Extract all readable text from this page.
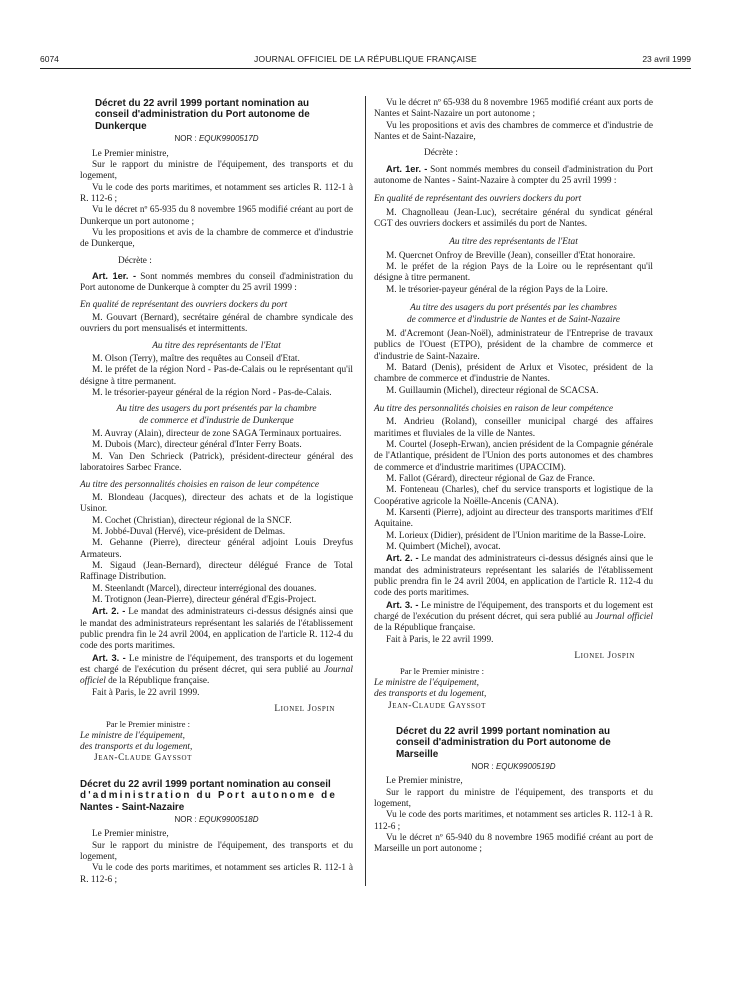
6074	JOURNAL OFFICIEL DE LA RÉPUBLIQUE FRANÇAISE	23 avril 1999

Décret du 22 avril 1999 portant nomination au

conseil d'administration du Port autonome de

Dunkerque

NOR : EQUK9900517D

Le Premier ministre,

Sur le rapport du ministre de l'équipement, des transports et du logement,

Vu le code des ports maritimes, et notamment ses articles R. 112-1 à R. 112-6 ;

Vu le décret nº 65-935 du 8 novembre 1965 modifié créant au port de Dunkerque un port autonome ;

Vu les propositions et avis de la chambre de commerce et d'industrie de Dunkerque,

Décrète :

Art. 1er. - Sont nommés membres du conseil d'administration du Port autonome de Dunkerque à compter du 25 avril 1999 :

En qualité de représentant des ouvriers dockers du port

M. Gouvart (Bernard), secrétaire général de chambre syndicale des ouvriers du port mensualisés et intermittents.

Au titre des représentants de l'Etat

M. Olson (Terry), maître des requêtes au Conseil d'Etat.

M. le préfet de la région Nord - Pas-de-Calais ou le représentant qu'il désigne à titre permanent.

M. le trésorier-payeur général de la région Nord - Pas-de-Calais.

Au titre des usagers du port présentés par la chambre

de commerce et d'industrie de Dunkerque

M. Auvray (Alain), directeur de zone SAGA Terminaux portuaires.

M. Dubois (Marc), directeur général d'Inter Ferry Boats.

M. Van Den Schrieck (Patrick), président-directeur général des laboratoires Sarbec France.

Au titre des personnalités choisies en raison de leur compétence

M. Blondeau (Jacques), directeur des achats et de la logistique Usinor.

M. Cochet (Christian), directeur régional de la SNCF.

M. Jobbé-Duval (Hervé), vice-président de Delmas.

M. Gehanne (Pierre), directeur général adjoint Louis Dreyfus Armateurs.

M. Sigaud (Jean-Bernard), directeur délégué France de Total Raffinage Distribution.

M. Steenlandt (Marcel), directeur interrégional des douanes.

M. Trotignon (Jean-Pierre), directeur général d'Egis-Project.

Art. 2. - Le mandat des administrateurs ci-dessus désignés ainsi que le mandat des administrateurs représentant les salariés de l'établissement public prendra fin le 24 avril 2004, en application de l'article R. 112-4 du code des ports maritimes.

Art. 3. - Le ministre de l'équipement, des transports et du logement est chargé de l'exécution du présent décret, qui sera publié au Journal officiel de la République française.

Fait à Paris, le 22 avril 1999.

Lionel Jospin

Par le Premier ministre :

Le ministre de l'équipement,

des transports et du logement,

Jean-Claude Gayssot

Décret du 22 avril 1999 portant nomination au conseil

d'administration du Port autonome de

Nantes - Saint-Nazaire

NOR : EQUK9900518D

Le Premier ministre,

Sur le rapport du ministre de l'équipement, des transports et du logement,

Vu le code des ports maritimes, et notamment ses articles R. 112-1 à R. 112-6 ;

Vu le décret nº 65-938 du 8 novembre 1965 modifié créant aux ports de Nantes et Saint-Nazaire un port autonome ;

Vu les propositions et avis des chambres de commerce et d'industrie de Nantes et de Saint-Nazaire,

Décrète :

Art. 1er. - Sont nommés membres du conseil d'administration du Port autonome de Nantes - Saint-Nazaire à compter du 25 avril 1999 :

En qualité de représentant des ouvriers dockers du port

M. Chagnolleau (Jean-Luc), secrétaire général du syndicat général CGT des ouvriers dockers et assimilés du port de Nantes.

Au titre des représentants de l'Etat

M. Quercnet Onfroy de Breville (Jean), conseiller d'Etat honoraire.

M. le préfet de la région Pays de la Loire ou le représentant qu'il désigne à titre permanent.

M. le trésorier-payeur général de la région Pays de la Loire.

Au titre des usagers du port présentés par les chambres

de commerce et d'industrie de Nantes et de Saint-Nazaire

M. d'Acremont (Jean-Noël), administrateur de l'Entreprise de travaux publics de l'Ouest (ETPO), président de la chambre de commerce et d'industrie de Saint-Nazaire.

M. Batard (Denis), président de Arlux et Visotec, président de la chambre de commerce et d'industrie de Nantes.

M. Guillaumin (Michel), directeur régional de SCACSA.

Au titre des personnalités choisies en raison de leur compétence

M. Andrieu (Roland), conseiller municipal chargé des affaires maritimes et fluviales de la ville de Nantes.

M. Courtel (Joseph-Erwan), ancien président de la Compagnie générale de l'Atlantique, président de l'Union des ports autonomes et des chambres de commerce et d'industrie maritimes (UPACCIM).

M. Fallot (Gérard), directeur régional de Gaz de France.

M. Fonteneau (Charles), chef du service transports et logistique de la Coopérative agricole la Noëlle-Ancenis (CANA).

M. Karsenti (Pierre), adjoint au directeur des transports maritimes d'Elf Aquitaine.

M. Lorieux (Didier), président de l'Union maritime de la Basse-Loire.

M. Quimbert (Michel), avocat.

Art. 2. - Le mandat des administrateurs ci-dessus désignés ainsi que le mandat des administrateurs représentant les salariés de l'établissement public prendra fin le 24 avril 2004, en application de l'article R. 112-4 du code des ports maritimes.

Art. 3. - Le ministre de l'équipement, des transports et du logement est chargé de l'exécution du présent décret, qui sera publié au Journal officiel de la République française.

Fait à Paris, le 22 avril 1999.

Lionel Jospin

Par le Premier ministre :

Le ministre de l'équipement,

des transports et du logement,

Jean-Claude Gayssot

Décret du 22 avril 1999 portant nomination au

conseil d'administration du Port autonome de

Marseille

NOR : EQUK9900519D

Le Premier ministre,

Sur le rapport du ministre de l'équipement, des transports et du logement,

Vu le code des ports maritimes, et notamment ses articles R. 112-1 à R. 112-6 ;

Vu le décret nº 65-940 du 8 novembre 1965 modifié créant au port de Marseille un port autonome ;
